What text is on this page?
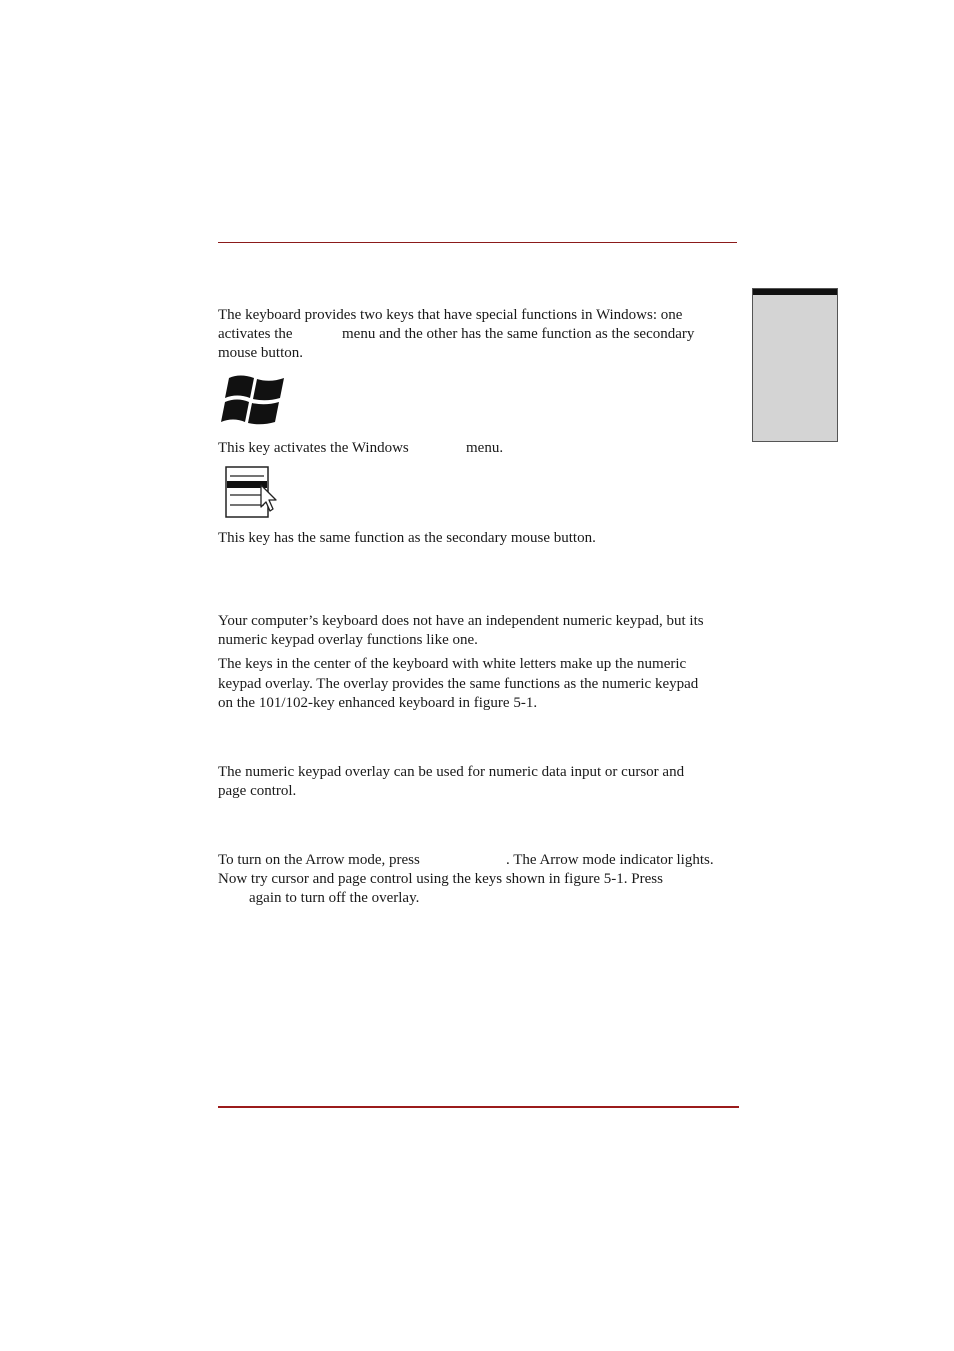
The keyboard provides two keys that have special functions in Windows: one

activates the	menu and the other has the same function as the secondary

mouse button.

This key activates the Windows	menu.

This key has the same function as the secondary mouse button.

Your computer’s keyboard does not have an independent numeric keypad, but its

numeric keypad overlay functions like one.

The keys in the center of the keyboard with white letters make up the numeric

keypad overlay. The overlay provides the same functions as the numeric keypad

on the 101/102-key enhanced keyboard in figure 5-1.

The numeric keypad overlay can be used for numeric data input or cursor and

page control.

To turn on the Arrow mode, press	. The Arrow mode indicator lights.

Now try cursor and page control using the keys shown in figure 5-1. Press

again to turn off the overlay.
